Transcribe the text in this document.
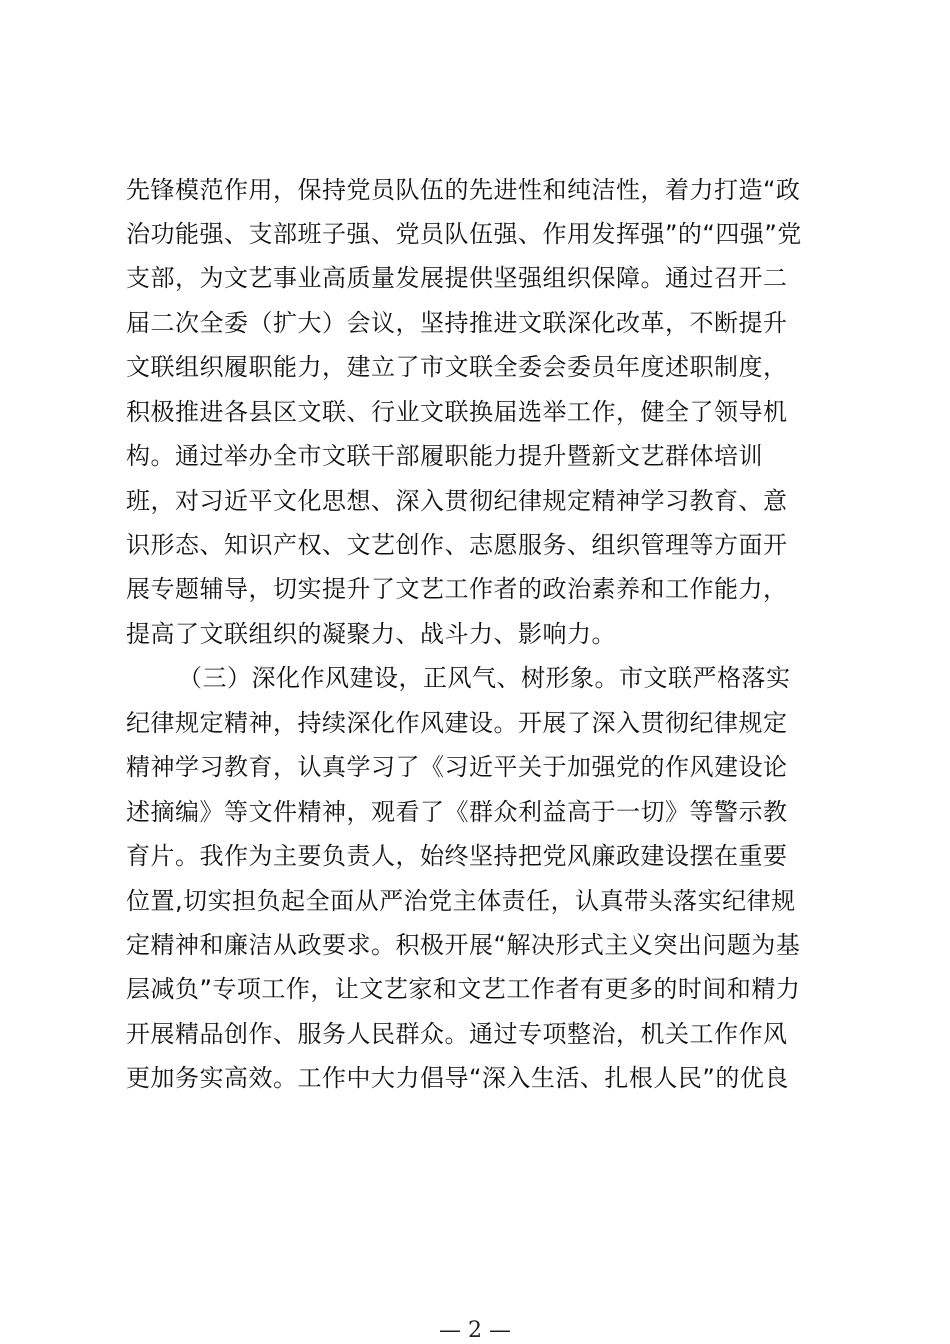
先锋模范作用，保持党员队伍的先进性和纯洁性，着力打造“政
治功能强、支部班子强、党员队伍强、作用发挥强”的“四强”党
支部，为文艺事业高质量发展提供坚强组织保障。通过召开二
届二次全委（扩大）会议，坚持推进文联深化改革，不断提升
文联组织履职能力，建立了市文联全委会委员年度述职制度，
积极推进各县区文联、行业文联换届选举工作，健全了领导机
构。通过举办全市文联干部履职能力提升暨新文艺群体培训
班，对习近平文化思想、深入贯彻纪律规定精神学习教育、意
识形态、知识产权、文艺创作、志愿服务、组织管理等方面开
展专题辅导，切实提升了文艺工作者的政治素养和工作能力，
提高了文联组织的凝聚力、战斗力、影响力。
（三）深化作风建设，正风气、树形象。市文联严格落实
纪律规定精神，持续深化作风建设。开展了深入贯彻纪律规定
精神学习教育，认真学习了《习近平关于加强党的作风建设论
述摘编》等文件精神，观看了《群众利益高于一切》等警示教
育片。我作为主要负责人，始终坚持把党风廉政建设摆在重要
位置,切实担负起全面从严治党主体责任，认真带头落实纪律规
定精神和廉洁从政要求。积极开展“解决形式主义突出问题为基
层减负”专项工作，让文艺家和文艺工作者有更多的时间和精力
开展精品创作、服务人民群众。通过专项整治，机关工作作风
更加务实高效。工作中大力倡导“深入生活、扎根人民”的优良
— 2 —
